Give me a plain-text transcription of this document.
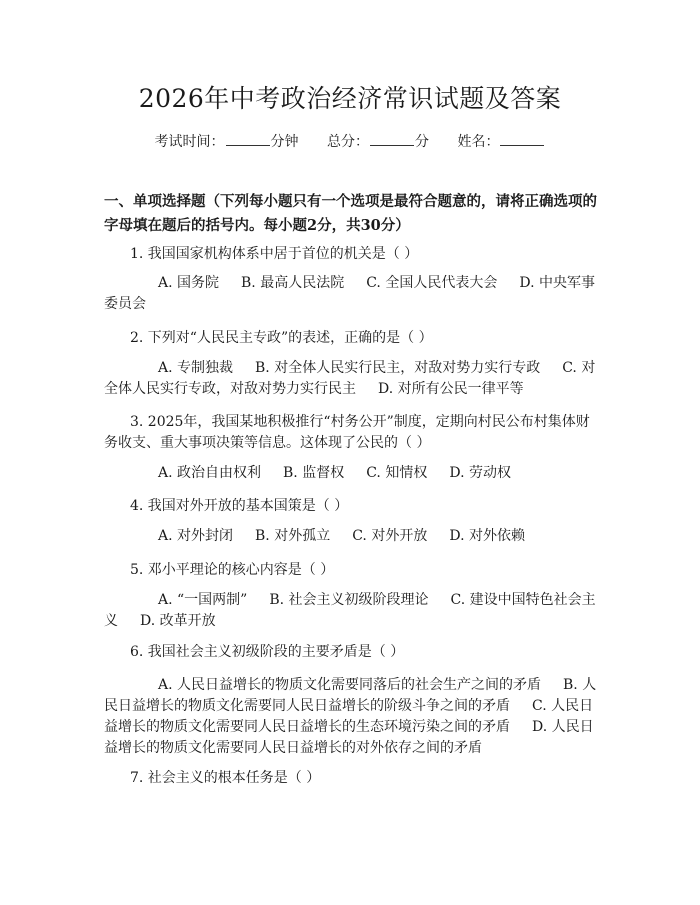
2026年中考政治经济常识试题及答案
考试时间：	分钟 总分：	分 姓名：
一、单项选择题（下列每小题只有一个选项是最符合题意的，请将正确选项的字母填在题后的括号内。每小题2分，共30分）
1. 我国国家机构体系中居于首位的机关是（ ）
A. 国务院 B. 最高人民法院 C. 全国人民代表大会 D. 中央军事委员会
2. 下列对“人民民主专政”的表述，正确的是（ ）
A. 专制独裁 B. 对全体人民实行民主，对敌对势力实行专政 C. 对全体人民实行专政，对敌对势力实行民主 D. 对所有公民一律平等
3. 2025年，我国某地积极推行“村务公开”制度，定期向村民公布村集体财务收支、重大事项决策等信息。这体现了公民的（ ）
A. 政治自由权利 B. 监督权 C. 知情权 D. 劳动权
4. 我国对外开放的基本国策是（ ）
A. 对外封闭 B. 对外孤立 C. 对外开放 D. 对外依赖
5. 邓小平理论的核心内容是（ ）
A. “一国两制” B. 社会主义初级阶段理论 C. 建设中国特色社会主义 D. 改革开放
6. 我国社会主义初级阶段的主要矛盾是（ ）
A. 人民日益增长的物质文化需要同落后的社会生产之间的矛盾 B. 人民日益增长的物质文化需要同人民日益增长的阶级斗争之间的矛盾 C. 人民日益增长的物质文化需要同人民日益增长的生态环境污染之间的矛盾 D. 人民日益增长的物质文化需要同人民日益增长的对外依存之间的矛盾
7. 社会主义的根本任务是（ ）
